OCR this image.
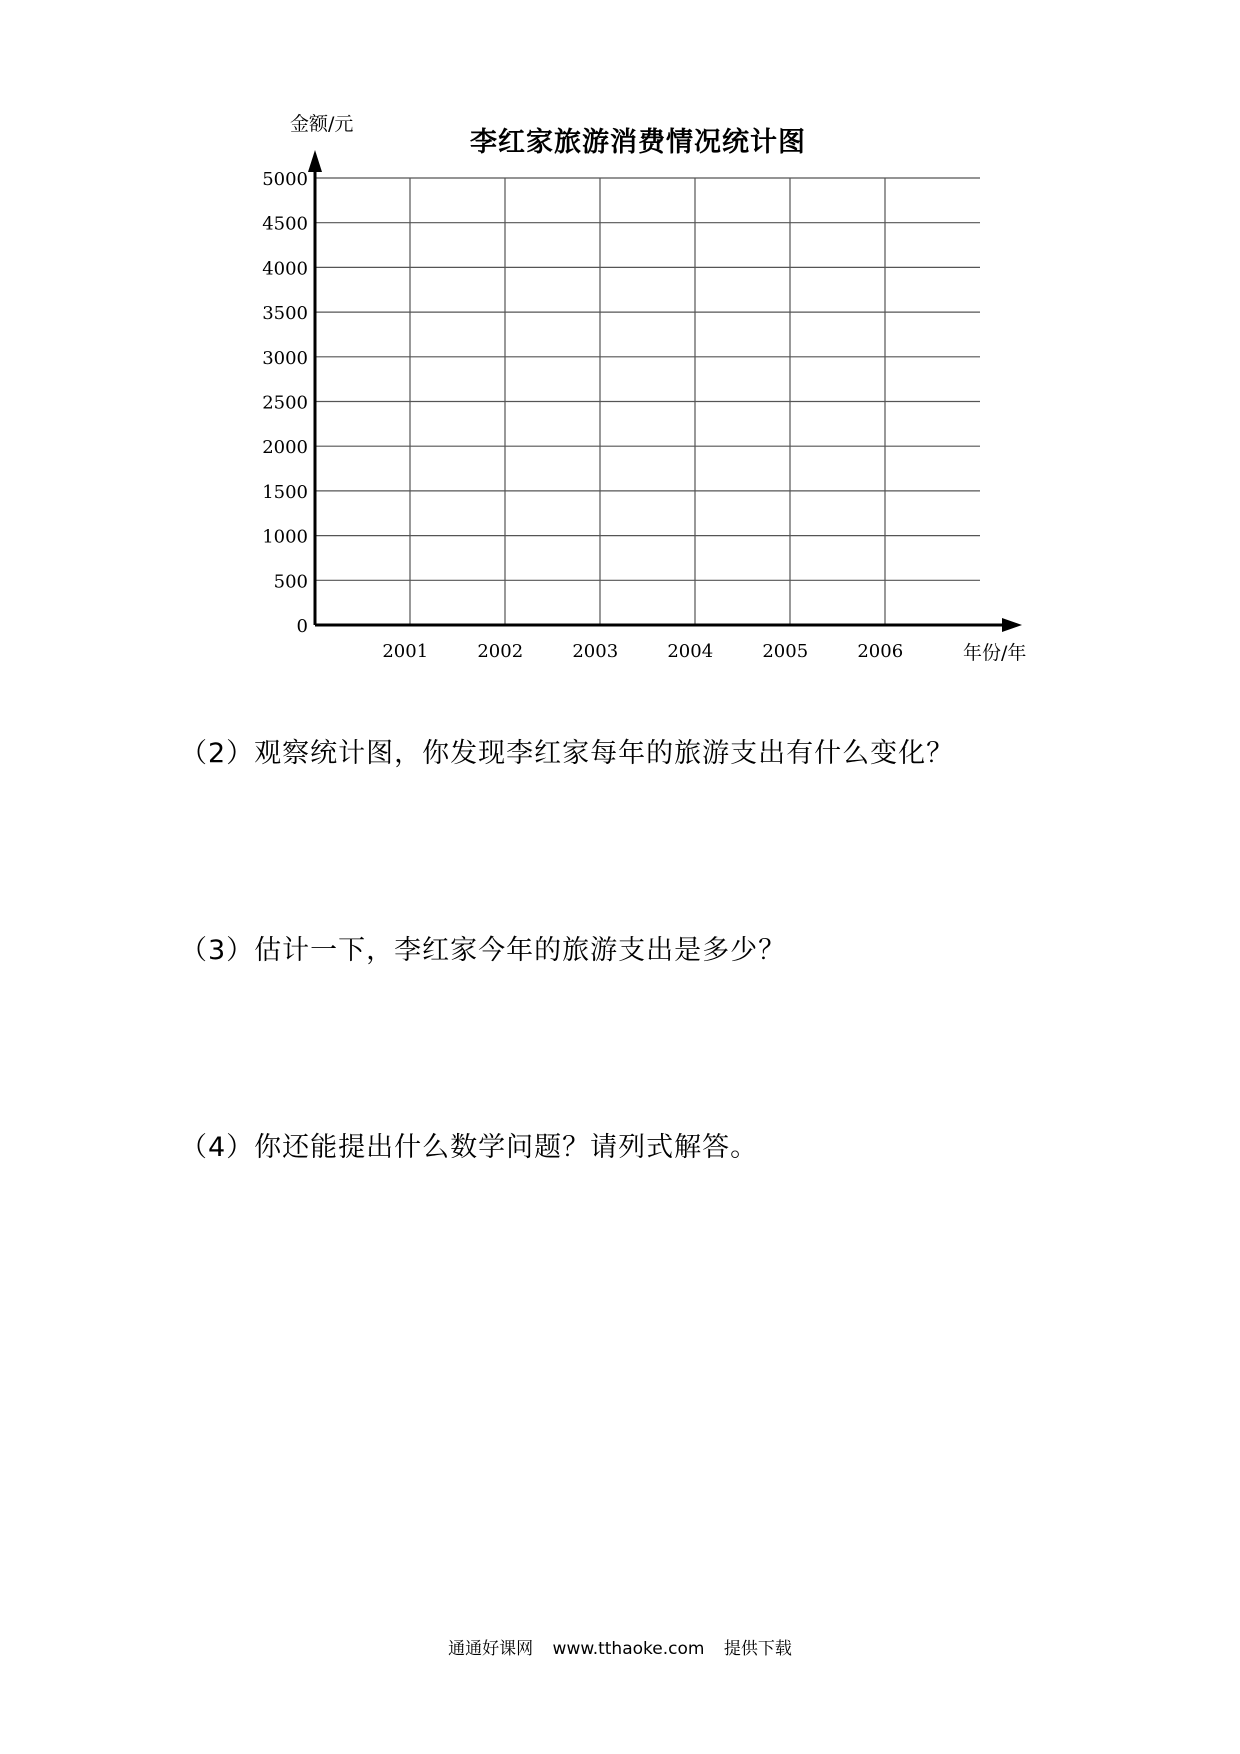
0
500
1000
1500
2000
2500
3000
3500
4000
4500
5000
2001	2002	2003	2004	2005	2006
李红家旅游消费情况统计图
金额/元
年份/年
（2）观察统计图，你发现李红家每年的旅游支出有什么变化？
（3）估计一下，李红家今年的旅游支出是多少？
（4）你还能提出什么数学问题？请列式解答。
通通好课网 www.tthaoke.com 提供下载
